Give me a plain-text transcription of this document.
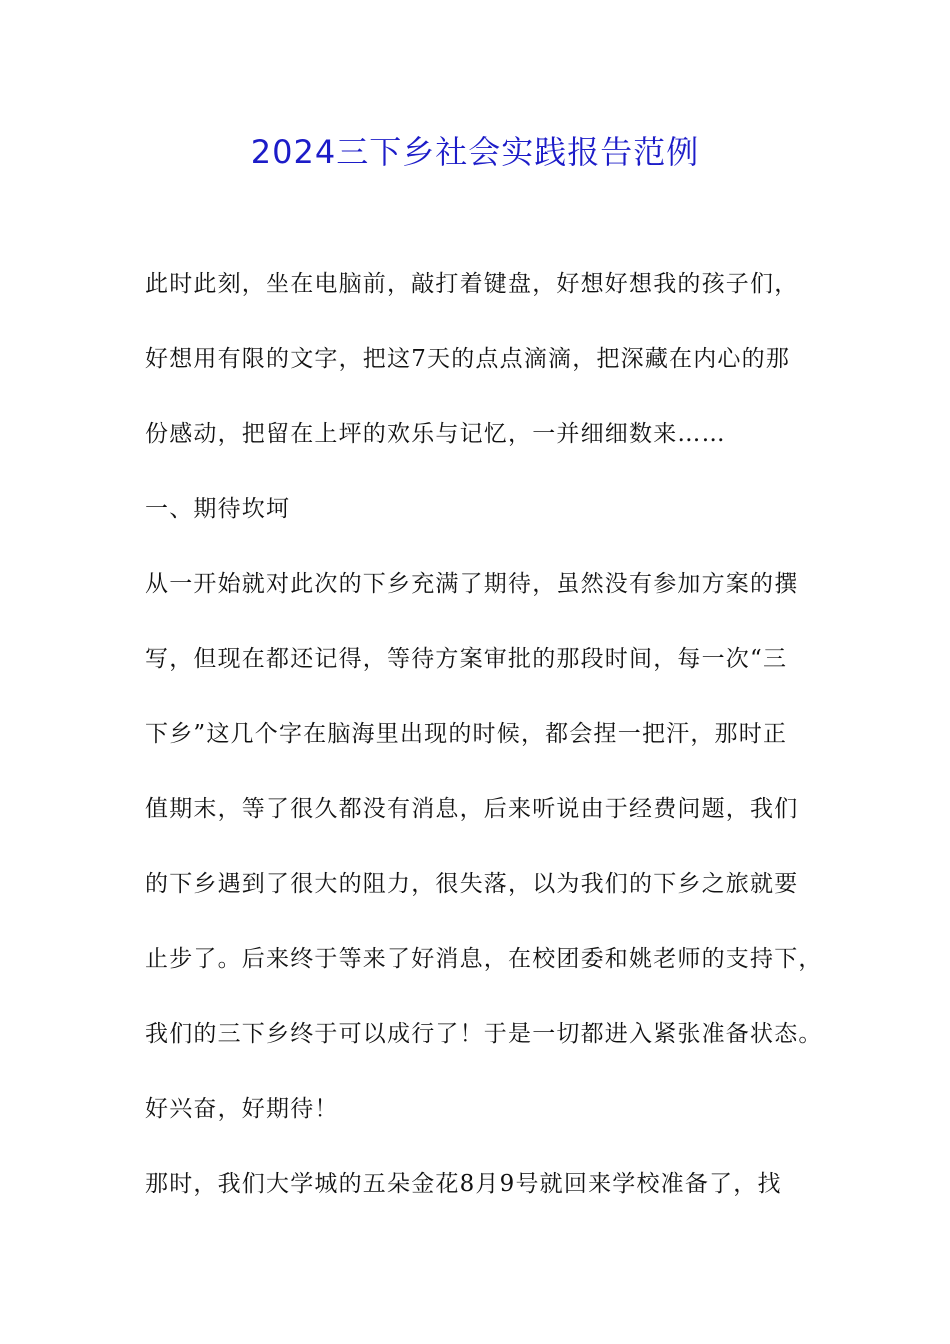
2024三下乡社会实践报告范例
此时此刻，坐在电脑前，敲打着键盘，好想好想我的孩子们，
好想用有限的文字，把这7天的点点滴滴，把深藏在内心的那
份感动，把留在上坪的欢乐与记忆，一并细细数来……
一、期待坎坷
从一开始就对此次的下乡充满了期待，虽然没有参加方案的撰
写，但现在都还记得，等待方案审批的那段时间，每一次“三
下乡”这几个字在脑海里出现的时候，都会捏一把汗，那时正
值期末，等了很久都没有消息，后来听说由于经费问题，我们
的下乡遇到了很大的阻力，很失落，以为我们的下乡之旅就要
止步了。后来终于等来了好消息，在校团委和姚老师的支持下，
我们的三下乡终于可以成行了！于是一切都进入紧张准备状态。
好兴奋，好期待！
那时，我们大学城的五朵金花8月9号就回来学校准备了，找
